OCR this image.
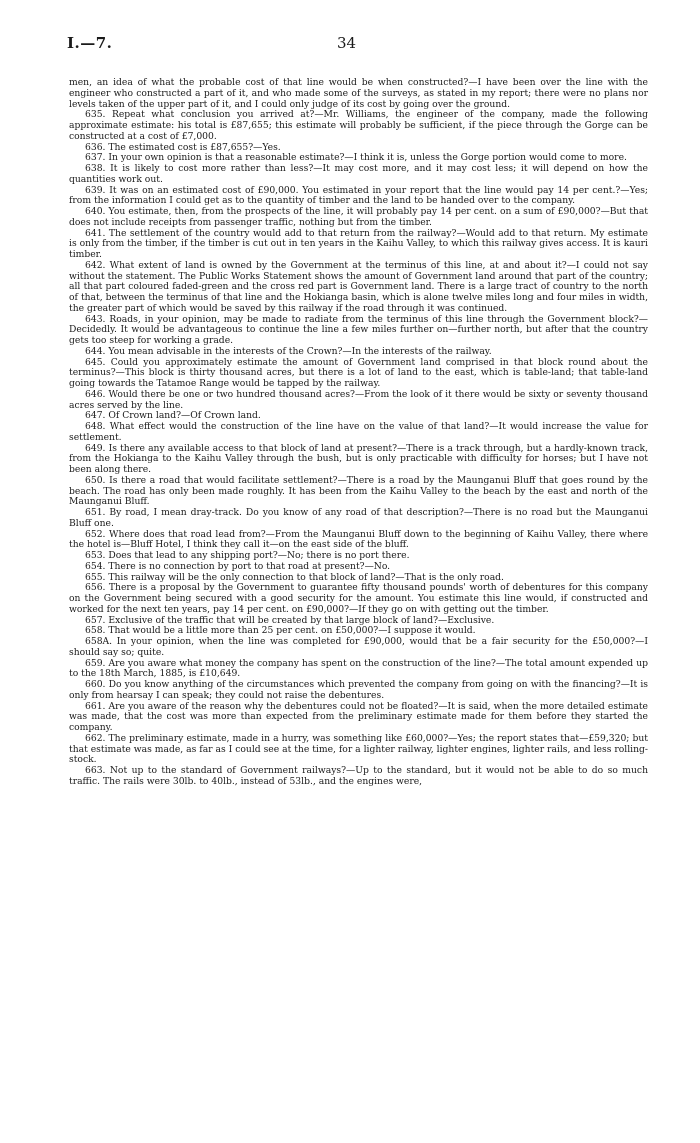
I.—7.	34

men, an idea of what the probable cost of that line would be when constructed?—I have been over the line with the engineer who constructed a part of it, and who made some of the surveys, as stated in my report; there were no plans nor levels taken of the upper part of it, and I could only judge of its cost by going over the ground.

635. Repeat what conclusion you arrived at?—Mr. Williams, the engineer of the company, made the following approximate estimate: his total is £87,655; this estimate will probably be sufficient, if the piece through the Gorge can be constructed at a cost of £7,000.

636. The estimated cost is £87,655?—Yes.

637. In your own opinion is that a reasonable estimate?—I think it is, unless the Gorge portion would come to more.

638. It is likely to cost more rather than less?—It may cost more, and it may cost less; it will depend on how the quantities work out.

639. It was on an estimated cost of £90,000. You estimated in your report that the line would pay 14 per cent.?—Yes; from the information I could get as to the quantity of timber and the land to be handed over to the company.

640. You estimate, then, from the prospects of the line, it will probably pay 14 per cent. on a sum of £90,000?—But that does not include receipts from passenger traffic, nothing but from the timber.

641. The settlement of the country would add to that return from the railway?—Would add to that return. My estimate is only from the timber, if the timber is cut out in ten years in the Kaihu Valley, to which this railway gives access. It is kauri timber.

642. What extent of land is owned by the Government at the terminus of this line, at and about it?—I could not say without the statement. The Public Works Statement shows the amount of Government land around that part of the country; all that part coloured faded-green and the cross red part is Government land. There is a large tract of country to the north of that, between the terminus of that line and the Hokianga basin, which is alone twelve miles long and four miles in width, the greater part of which would be saved by this railway if the road through it was continued.

643. Roads, in your opinion, may be made to radiate from the terminus of this line through the Government block?—Decidedly. It would be advantageous to continue the line a few miles further on—further north, but after that the country gets too steep for working a grade.

644. You mean advisable in the interests of the Crown?—In the interests of the railway.

645. Could you approximately estimate the amount of Government land comprised in that block round about the terminus?—This block is thirty thousand acres, but there is a lot of land to the east, which is table-land; that table-land going towards the Tatamoe Range would be tapped by the railway.

646. Would there be one or two hundred thousand acres?—From the look of it there would be sixty or seventy thousand acres served by the line.

647. Of Crown land?—Of Crown land.

648. What effect would the construction of the line have on the value of that land?—It would increase the value for settlement.

649. Is there any available access to that block of land at present?—There is a track through, but a hardly-known track, from the Hokianga to the Kaihu Valley through the bush, but is only practicable with difficulty for horses; but I have not been along there.

650. Is there a road that would facilitate settlement?—There is a road by the Maunganui Bluff that goes round by the beach. The road has only been made roughly. It has been from the Kaihu Valley to the beach by the east and north of the Maunganui Bluff.

651. By road, I mean dray-track. Do you know of any road of that description?—There is no road but the Maunganui Bluff one.

652. Where does that road lead from?—From the Maunganui Bluff down to the beginning of Kaihu Valley, there where the hotel is—Bluff Hotel, I think they call it—on the east side of the bluff.

653. Does that lead to any shipping port?—No; there is no port there.

654. There is no connection by port to that road at present?—No.

655. This railway will be the only connection to that block of land?—That is the only road.

656. There is a proposal by the Government to guarantee fifty thousand pounds' worth of debentures for this company on the Government being secured with a good security for the amount. You estimate this line would, if constructed and worked for the next ten years, pay 14 per cent. on £90,000?—If they go on with getting out the timber.

657. Exclusive of the traffic that will be created by that large block of land?—Exclusive.

658. That would be a little more than 25 per cent. on £50,000?—I suppose it would.

658A. In your opinion, when the line was completed for £90,000, would that be a fair security for the £50,000?—I should say so; quite.

659. Are you aware what money the company has spent on the construction of the line?—The total amount expended up to the 18th March, 1885, is £10,649.

660. Do you know anything of the circumstances which prevented the company from going on with the financing?—It is only from hearsay I can speak; they could not raise the debentures.

661. Are you aware of the reason why the debentures could not be floated?—It is said, when the more detailed estimate was made, that the cost was more than expected from the preliminary estimate made for them before they started the company.

662. The preliminary estimate, made in a hurry, was something like £60,000?—Yes; the report states that—£59,320; but that estimate was made, as far as I could see at the time, for a lighter railway, lighter engines, lighter rails, and less rolling-stock.

663. Not up to the standard of Government railways?—Up to the standard, but it would not be able to do so much traffic. The rails were 30lb. to 40lb., instead of 53lb., and the engines were,
